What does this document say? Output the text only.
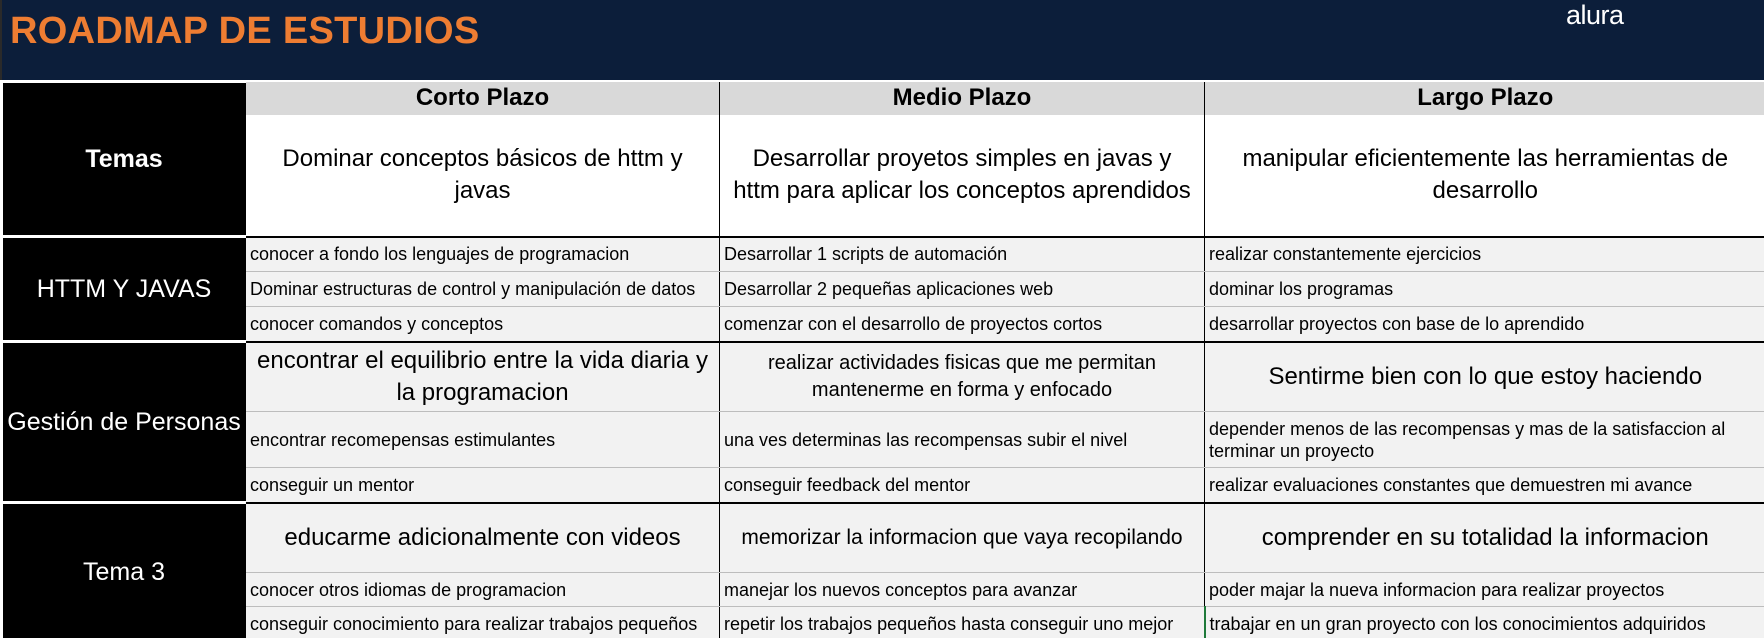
ROADMAP DE ESTUDIOS	alura
Temas	Corto Plazo	Medio Plazo	Largo Plazo
	Dominar conceptos básicos de httm y javas	Desarrollar proyetos simples en javas y httm para aplicar los conceptos aprendidos	manipular eficientemente las herramientas de desarrollo
HTTM Y JAVAS	conocer a fondo los lenguajes de programacion	Desarrollar 1 scripts de automación	realizar constantemente ejercicios
	Dominar estructuras de control y manipulación de datos	Desarrollar 2 pequeñas aplicaciones web	dominar los programas
	conocer comandos y conceptos	comenzar con el desarrollo de proyectos cortos	desarrollar proyectos con base de lo aprendido
Gestión de Personas	encontrar el equilibrio entre la vida diaria y la programacion	realizar actividades fisicas que me permitan mantenerme en forma y enfocado	Sentirme bien con lo que estoy haciendo
	encontrar recomepensas estimulantes	una ves determinas las recompensas subir el nivel	depender menos de las recompensas y mas de la satisfaccion al terminar un proyecto
	conseguir un mentor	conseguir feedback del mentor	realizar evaluaciones constantes que demuestren mi avance
Tema 3	educarme adicionalmente con videos	memorizar la informacion que vaya recopilando	comprender en su totalidad la informacion
	conocer otros idiomas de programacion	manejar los nuevos conceptos para avanzar	poder majar la nueva informacion para realizar proyectos
	conseguir conocimiento para realizar trabajos pequeños	repetir los trabajos pequeños hasta conseguir uno mejor	trabajar en un gran proyecto con los conocimientos adquiridos
